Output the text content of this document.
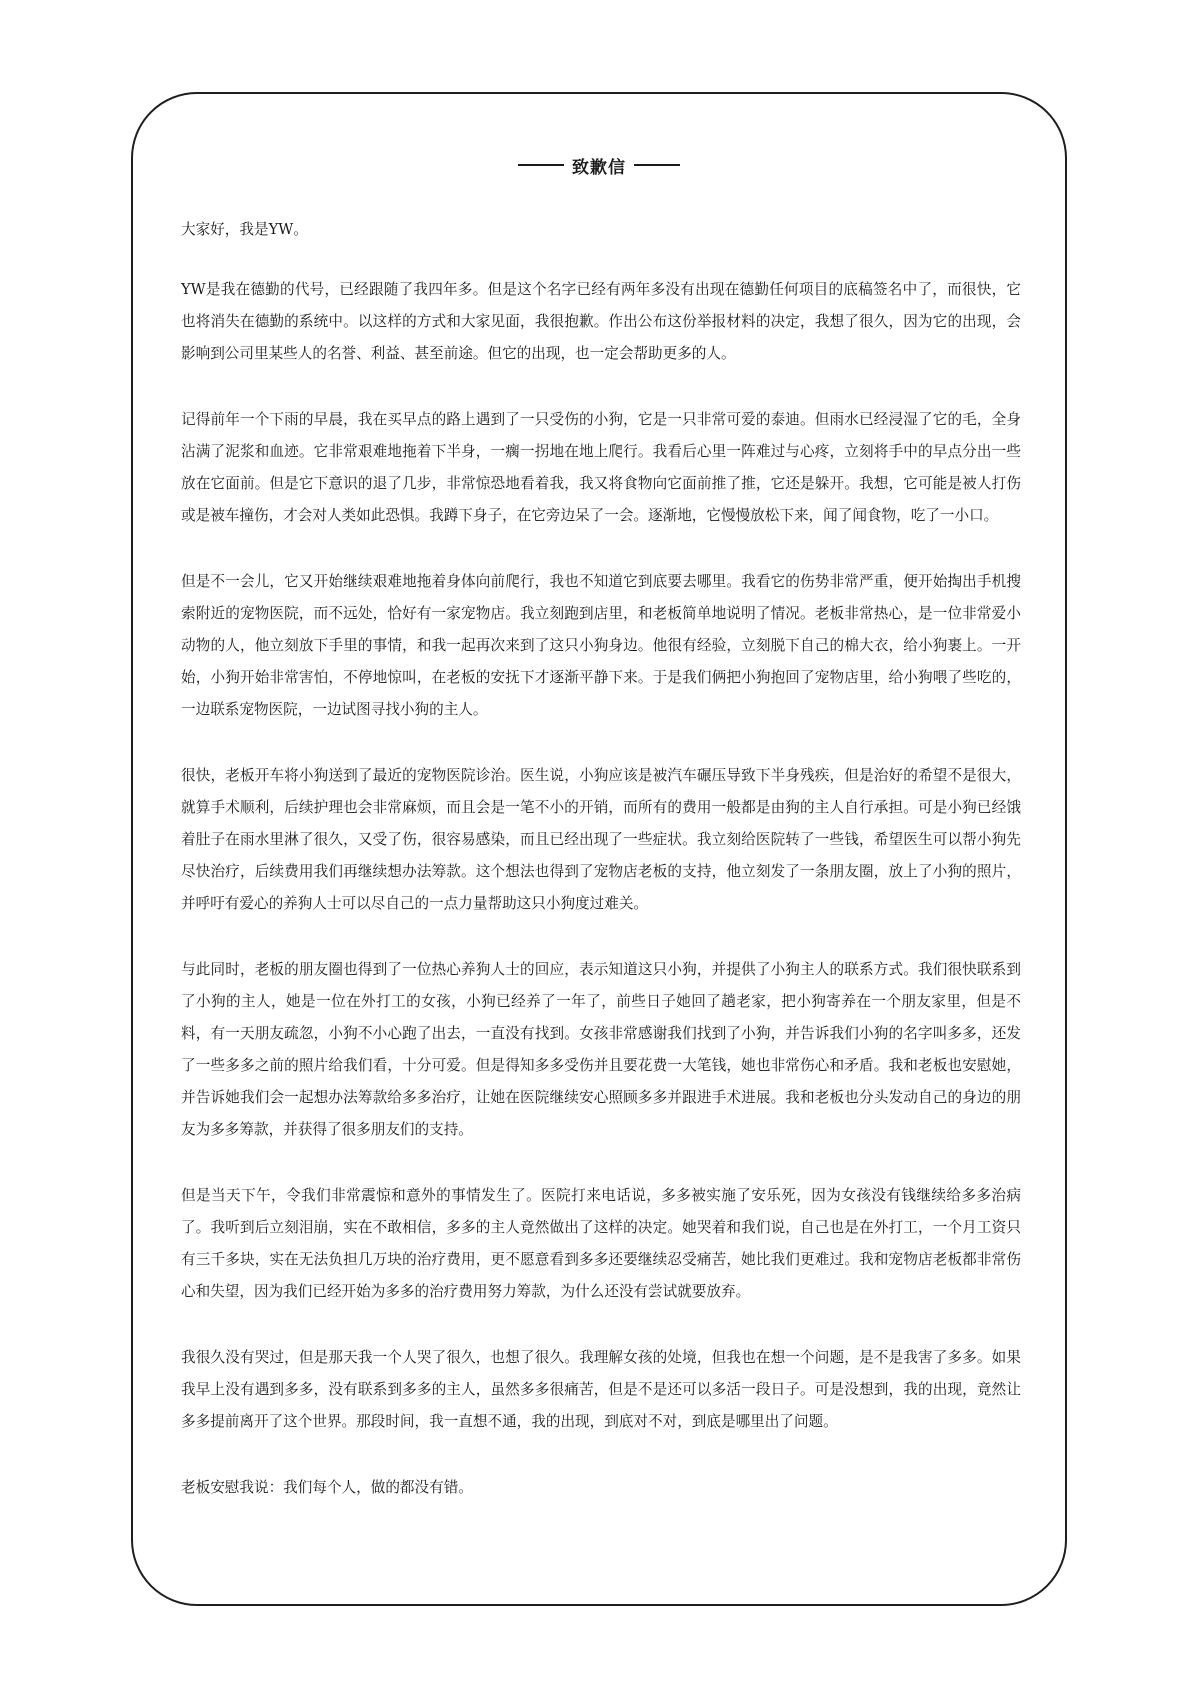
致歉信

大家好，我是YW。

YW是我在德勤的代号，已经跟随了我四年多。但是这个名字已经有两年多没有出现在德勤任何项目的底稿签名中了，而很快，它也将消失在德勤的系统中。以这样的方式和大家见面，我很抱歉。作出公布这份举报材料的决定，我想了很久，因为它的出现，会影响到公司里某些人的名誉、利益、甚至前途。但它的出现，也一定会帮助更多的人。

记得前年一个下雨的早晨，我在买早点的路上遇到了一只受伤的小狗，它是一只非常可爱的泰迪。但雨水已经浸湿了它的毛，全身沾满了泥浆和血迹。它非常艰难地拖着下半身，一瘸一拐地在地上爬行。我看后心里一阵难过与心疼，立刻将手中的早点分出一些放在它面前。但是它下意识的退了几步，非常惊恐地看着我，我又将食物向它面前推了推，它还是躲开。我想，它可能是被人打伤或是被车撞伤，才会对人类如此恐惧。我蹲下身子，在它旁边呆了一会。逐渐地，它慢慢放松下来，闻了闻食物，吃了一小口。

但是不一会儿，它又开始继续艰难地拖着身体向前爬行，我也不知道它到底要去哪里。我看它的伤势非常严重，便开始掏出手机搜索附近的宠物医院，而不远处，恰好有一家宠物店。我立刻跑到店里，和老板简单地说明了情况。老板非常热心，是一位非常爱小动物的人，他立刻放下手里的事情，和我一起再次来到了这只小狗身边。他很有经验，立刻脱下自己的棉大衣，给小狗裹上。一开始，小狗开始非常害怕，不停地惊叫，在老板的安抚下才逐渐平静下来。于是我们俩把小狗抱回了宠物店里，给小狗喂了些吃的，一边联系宠物医院，一边试图寻找小狗的主人。

很快，老板开车将小狗送到了最近的宠物医院诊治。医生说，小狗应该是被汽车碾压导致下半身残疾，但是治好的希望不是很大，就算手术顺利，后续护理也会非常麻烦，而且会是一笔不小的开销，而所有的费用一般都是由狗的主人自行承担。可是小狗已经饿着肚子在雨水里淋了很久，又受了伤，很容易感染，而且已经出现了一些症状。我立刻给医院转了一些钱，希望医生可以帮小狗先尽快治疗，后续费用我们再继续想办法筹款。这个想法也得到了宠物店老板的支持，他立刻发了一条朋友圈，放上了小狗的照片，并呼吁有爱心的养狗人士可以尽自己的一点力量帮助这只小狗度过难关。

与此同时，老板的朋友圈也得到了一位热心养狗人士的回应，表示知道这只小狗，并提供了小狗主人的联系方式。我们很快联系到了小狗的主人，她是一位在外打工的女孩，小狗已经养了一年了，前些日子她回了趟老家，把小狗寄养在一个朋友家里，但是不料，有一天朋友疏忽，小狗不小心跑了出去，一直没有找到。女孩非常感谢我们找到了小狗，并告诉我们小狗的名字叫多多，还发了一些多多之前的照片给我们看，十分可爱。但是得知多多受伤并且要花费一大笔钱，她也非常伤心和矛盾。我和老板也安慰她，并告诉她我们会一起想办法筹款给多多治疗，让她在医院继续安心照顾多多并跟进手术进展。我和老板也分头发动自己的身边的朋友为多多筹款，并获得了很多朋友们的支持。

但是当天下午，令我们非常震惊和意外的事情发生了。医院打来电话说，多多被实施了安乐死，因为女孩没有钱继续给多多治病了。我听到后立刻泪崩，实在不敢相信，多多的主人竟然做出了这样的决定。她哭着和我们说，自己也是在外打工，一个月工资只有三千多块，实在无法负担几万块的治疗费用，更不愿意看到多多还要继续忍受痛苦，她比我们更难过。我和宠物店老板都非常伤心和失望，因为我们已经开始为多多的治疗费用努力筹款，为什么还没有尝试就要放弃。

我很久没有哭过，但是那天我一个人哭了很久，也想了很久。我理解女孩的处境，但我也在想一个问题，是不是我害了多多。如果我早上没有遇到多多，没有联系到多多的主人，虽然多多很痛苦，但是不是还可以多活一段日子。可是没想到，我的出现，竟然让多多提前离开了这个世界。那段时间，我一直想不通，我的出现，到底对不对，到底是哪里出了问题。

老板安慰我说：我们每个人，做的都没有错。
